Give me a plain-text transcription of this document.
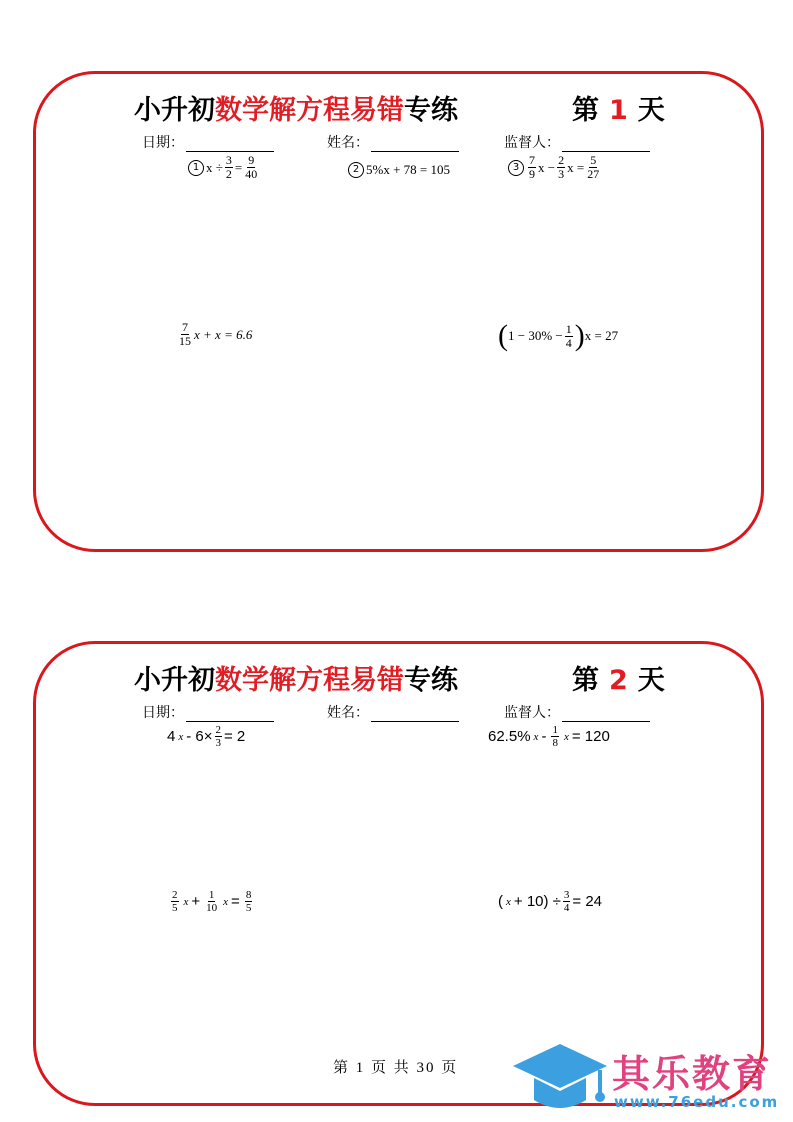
小升初数学解方程易错专练	第 1 天
日期：	姓名：	监督人：
1 $x \div \frac{3}{2} = \frac{9}{40}$	2 5%x + 78 = 105	$3 \frac{7}{9}$ $x - \frac{2}{3}$ $x = \frac{5}{27}$
$\frac{7}{15}$ x + x = 6.6	( $1 - 30\% - \frac{1}{4}$ ) x = 27
小升初数学解方程易错专练	第 2 天
日期：	姓名：	监督人：
4 $x - 6\times \frac{2}{3} = 2$	62.5% x - $\frac{1}{8}$ x = 120
$\frac{2}{5}$ $x + \frac{1}{10}$ $x = \frac{8}{5}$	( $x + 10) \div \frac{3}{4} = 24$
第 1 页 共 30 页	其乐教育
www.76edu.com
